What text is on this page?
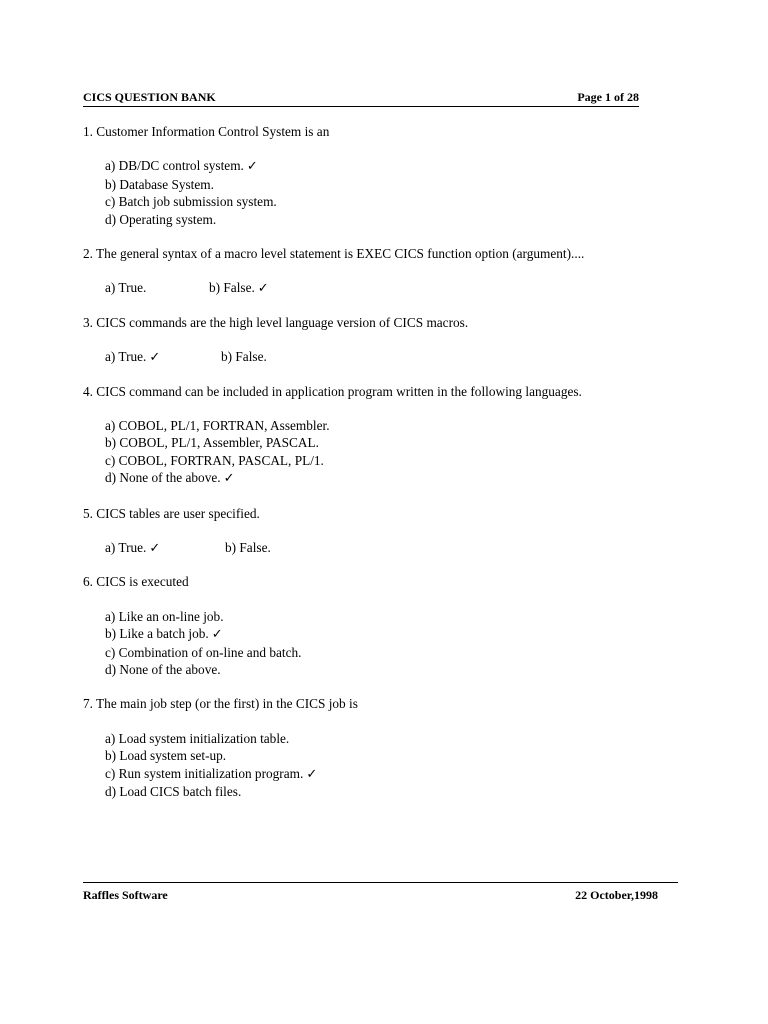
CICS QUESTION BANK	Page 1 of 28

1. Customer Information Control System is an

a) DB/DC control system. ✓
b) Database System.
c) Batch job submission system.
d) Operating system.

2. The general syntax of a macro level statement is EXEC CICS function option (argument)....

a) True.	b) False. ✓

3. CICS commands are the high level language version of CICS macros.

a) True. ✓	b) False.

4. CICS command can be included in application program written in the following languages.

a) COBOL, PL/1, FORTRAN, Assembler.
b) COBOL, PL/1, Assembler, PASCAL.
c) COBOL, FORTRAN, PASCAL, PL/1.
d) None of the above. ✓

5. CICS tables are user specified.

a) True. ✓	b) False.

6. CICS is executed

a) Like an on-line job.
b) Like a batch job. ✓
c) Combination of on-line and batch.
d) None of the above.

7. The main job step (or the first) in the CICS job is

a) Load system initialization table.
b) Load system set-up.
c) Run system initialization program. ✓
d) Load CICS batch files.
Raffles Software	22 October,1998
